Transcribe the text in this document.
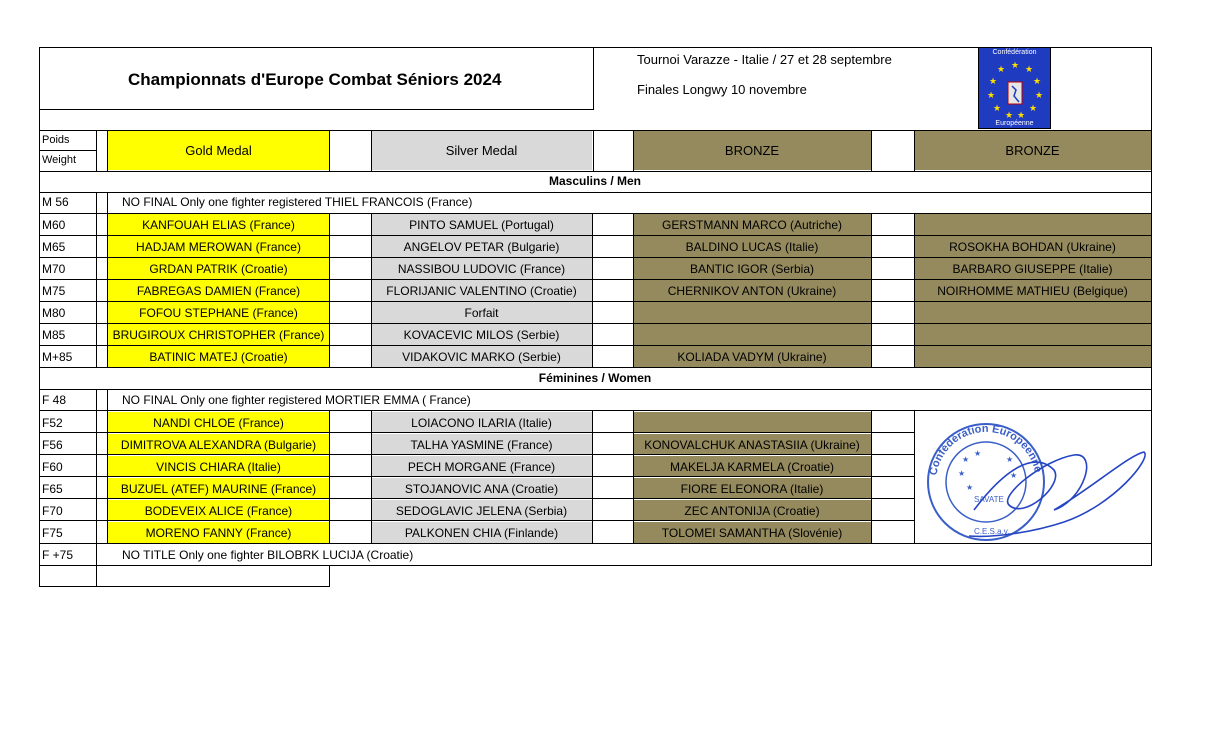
Championnats d'Europe Combat Séniors 2024
Tournoi Varazze - Italie / 27 et 28 septembre
Finales Longwy 10 novembre
Confédération
★ ★
★
★
★
★
★
★
★
★
★
Européenne
Poids
Weight
Gold Medal	Silver Medal	BRONZE	BRONZE
Masculins / Men
M 56	NO FINAL Only one fighter registered THIEL FRANCOIS (France)
M60	KANFOUAH ELIAS (France)	PINTO SAMUEL (Portugal)	GERSTMANN MARCO (Autriche)
M65	HADJAM MEROWAN (France)	ANGELOV PETAR (Bulgarie)	BALDINO LUCAS (Italie)	ROSOKHA BOHDAN (Ukraine)
M70	GRDAN PATRIK (Croatie)	NASSIBOU LUDOVIC (France)	BANTIC IGOR (Serbia)	BARBARO GIUSEPPE (Italie)
M75	FABREGAS DAMIEN (France)	FLORIJANIC VALENTINO (Croatie)	CHERNIKOV ANTON (Ukraine)	NOIRHOMME MATHIEU (Belgique)
M80	FOFOU STEPHANE (France)	Forfait
M85	BRUGIROUX CHRISTOPHER (France)	KOVACEVIC MILOS (Serbie)
M+85	BATINIC MATEJ (Croatie)	VIDAKOVIC MARKO (Serbie)	KOLIADA VADYM (Ukraine)
Féminines / Women
F 48	NO FINAL Only one fighter registered MORTIER EMMA ( France)
F52	NANDI CHLOE (France)	LOIACONO ILARIA (Italie)
F56	DIMITROVA ALEXANDRA (Bulgarie)	TALHA YASMINE (France)	KONOVALCHUK ANASTASIIA (Ukraine)
F60	VINCIS CHIARA (Italie)	PECH MORGANE (France)	MAKELJA KARMELA (Croatie)
F65	BUZUEL (ATEF) MAURINE (France)	STOJANOVIC ANA (Croatie)	FIORE ELEONORA (Italie)
F70	BODEVEIX ALICE (France)	SEDOGLAVIC JELENA (Serbia)	ZEC ANTONIJA (Croatie)
F75	MORENO FANNY (France)	PALKONEN CHIA (Finlande)	TOLOMEI SAMANTHA (Slovénie)
F +75	NO TITLE Only one fighter BILOBRK LUCIJA (Croatie)
Confédération Européenne
★
★
★
★
★
★
SAVATE
C.E.S.a.v.
